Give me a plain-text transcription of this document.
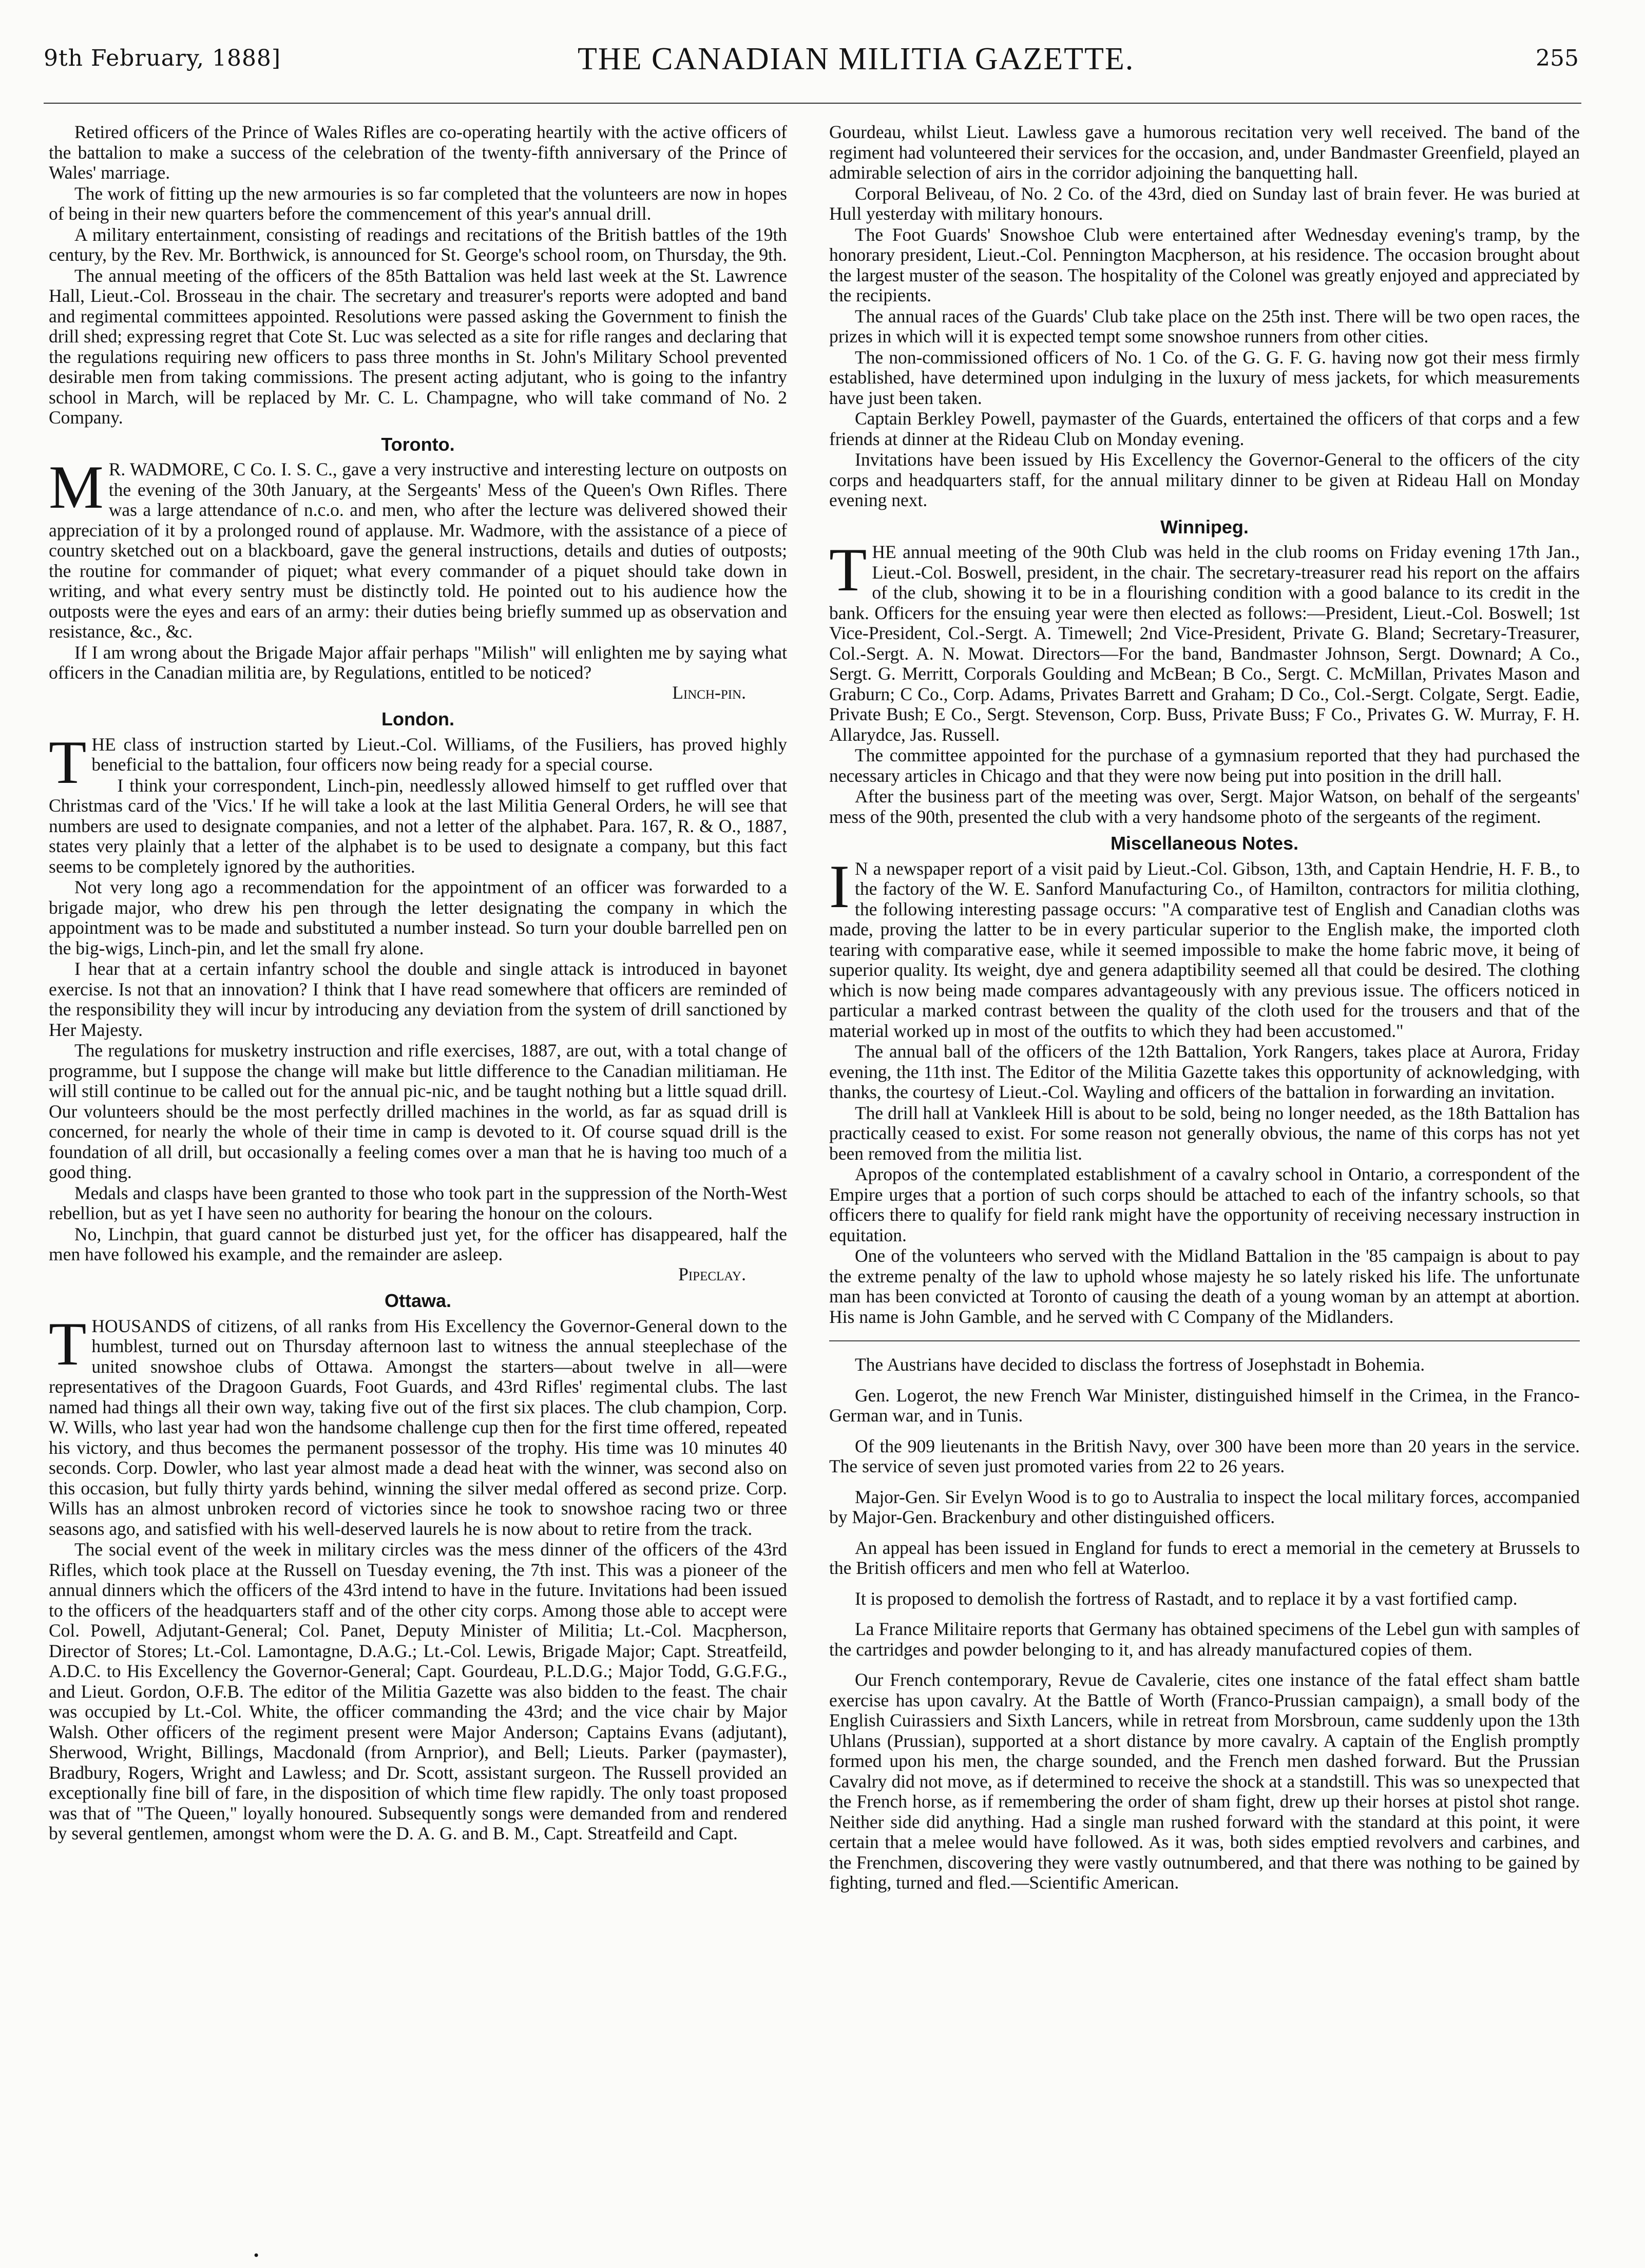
9th February, 1888]	THE CANADIAN MILITIA GAZETTE.	255

Retired officers of the Prince of Wales Rifles are co-operating heartily with the active officers of the battalion to make a success of the celebration of the twenty-fifth anniversary of the Prince of Wales' marriage.

The work of fitting up the new armouries is so far completed that the volunteers are now in hopes of being in their new quarters before the commencement of this year's annual drill.

A military entertainment, consisting of readings and recitations of the British battles of the 19th century, by the Rev. Mr. Borthwick, is announced for St. George's school room, on Thursday, the 9th.

The annual meeting of the officers of the 85th Battalion was held last week at the St. Lawrence Hall, Lieut.-Col. Brosseau in the chair. The secretary and treasurer's reports were adopted and band and regimental committees appointed. Resolutions were passed asking the Government to finish the drill shed; expressing regret that Cote St. Luc was selected as a site for rifle ranges and declaring that the regulations requiring new officers to pass three months in St. John's Military School prevented desirable men from taking commissions. The present acting adjutant, who is going to the infantry school in March, will be replaced by Mr. C. L. Champagne, who will take command of No. 2 Company.

Toronto.

M R. WADMORE, C Co. I. S. C., gave a very instructive and interesting lecture on outposts on the evening of the 30th January, at the Sergeants' Mess of the Queen's Own Rifles. There was a large attendance of n.c.o. and men, who after the lecture was delivered showed their appreciation of it by a prolonged round of applause. Mr. Wadmore, with the assistance of a piece of country sketched out on a blackboard, gave the general instructions, details and duties of outposts; the routine for commander of piquet; what every commander of a piquet should take down in writing, and what every sentry must be distinctly told. He pointed out to his audience how the outposts were the eyes and ears of an army: their duties being briefly summed up as observation and resistance, &c., &c.

If I am wrong about the Brigade Major affair perhaps "Milish" will enlighten me by saying what officers in the Canadian militia are, by Regulations, entitled to be noticed?

Linch-pin.
London.

THE class of instruction started by Lieut.-Col. Williams, of the Fusiliers, has proved highly beneficial to the battalion, four officers now being ready for a special course.

I think your correspondent, Linch-pin, needlessly allowed himself to get ruffled over that Christmas card of the 'Vics.' If he will take a look at the last Militia General Orders, he will see that numbers are used to designate companies, and not a letter of the alphabet. Para. 167, R. & O., 1887, states very plainly that a letter of the alphabet is to be used to designate a company, but this fact seems to be completely ignored by the authorities.

Not very long ago a recommendation for the appointment of an officer was forwarded to a brigade major, who drew his pen through the letter designating the company in which the appointment was to be made and substituted a number instead. So turn your double barrelled pen on the big-wigs, Linch-pin, and let the small fry alone.

I hear that at a certain infantry school the double and single attack is introduced in bayonet exercise. Is not that an innovation? I think that I have read somewhere that officers are reminded of the responsibility they will incur by introducing any deviation from the system of drill sanctioned by Her Majesty.

The regulations for musketry instruction and rifle exercises, 1887, are out, with a total change of programme, but I suppose the change will make but little difference to the Canadian militiaman. He will still continue to be called out for the annual pic-nic, and be taught nothing but a little squad drill. Our volunteers should be the most perfectly drilled machines in the world, as far as squad drill is concerned, for nearly the whole of their time in camp is devoted to it. Of course squad drill is the foundation of all drill, but occasionally a feeling comes over a man that he is having too much of a good thing.

Medals and clasps have been granted to those who took part in the suppression of the North-West rebellion, but as yet I have seen no authority for bearing the honour on the colours.

No, Linchpin, that guard cannot be disturbed just yet, for the officer has disappeared, half the men have followed his example, and the remainder are asleep.

Pipeclay.
Ottawa.

THOUSANDS of citizens, of all ranks from His Excellency the Governor-General down to the humblest, turned out on Thursday afternoon last to witness the annual steeplechase of the united snowshoe clubs of Ottawa. Amongst the starters—about twelve in all—were representatives of the Dragoon Guards, Foot Guards, and 43rd Rifles' regimental clubs. The last named had things all their own way, taking five out of the first six places. The club champion, Corp. W. Wills, who last year had won the handsome challenge cup then for the first time offered, repeated his victory, and thus becomes the permanent possessor of the trophy. His time was 10 minutes 40 seconds. Corp. Dowler, who last year almost made a dead heat with the winner, was second also on this occasion, but fully thirty yards behind, winning the silver medal offered as second prize. Corp. Wills has an almost unbroken record of victories since he took to snowshoe racing two or three seasons ago, and satisfied with his well-deserved laurels he is now about to retire from the track.

The social event of the week in military circles was the mess dinner of the officers of the 43rd Rifles, which took place at the Russell on Tuesday evening, the 7th inst. This was a pioneer of the annual dinners which the officers of the 43rd intend to have in the future. Invitations had been issued to the officers of the headquarters staff and of the other city corps. Among those able to accept were Col. Powell, Adjutant-General; Col. Panet, Deputy Minister of Militia; Lt.-Col. Macpherson, Director of Stores; Lt.-Col. Lamontagne, D.A.G.; Lt.-Col. Lewis, Brigade Major; Capt. Streatfeild, A.D.C. to His Excellency the Governor-General; Capt. Gourdeau, P.L.D.G.; Major Todd, G.G.F.G., and Lieut. Gordon, O.F.B. The editor of the Militia Gazette was also bidden to the feast. The chair was occupied by Lt.-Col. White, the officer commanding the 43rd; and the vice chair by Major Walsh. Other officers of the regiment present were Major Anderson; Captains Evans (adjutant), Sherwood, Wright, Billings, Macdonald (from Arnprior), and Bell; Lieuts. Parker (paymaster), Bradbury, Rogers, Wright and Lawless; and Dr. Scott, assistant surgeon. The Russell provided an exceptionally fine bill of fare, in the disposition of which time flew rapidly. The only toast proposed was that of "The Queen," loyally honoured. Subsequently songs were demanded from and rendered by several gentlemen, amongst whom were the D. A. G. and B. M., Capt. Streatfeild and Capt.

Gourdeau, whilst Lieut. Lawless gave a humorous recitation very well received. The band of the regiment had volunteered their services for the occasion, and, under Bandmaster Greenfield, played an admirable selection of airs in the corridor adjoining the banquetting hall.

Corporal Beliveau, of No. 2 Co. of the 43rd, died on Sunday last of brain fever. He was buried at Hull yesterday with military honours.

The Foot Guards' Snowshoe Club were entertained after Wednesday evening's tramp, by the honorary president, Lieut.-Col. Pennington Macpherson, at his residence. The occasion brought about the largest muster of the season. The hospitality of the Colonel was greatly enjoyed and appreciated by the recipients.

The annual races of the Guards' Club take place on the 25th inst. There will be two open races, the prizes in which will it is expected tempt some snowshoe runners from other cities.

The non-commissioned officers of No. 1 Co. of the G. G. F. G. having now got their mess firmly established, have determined upon indulging in the luxury of mess jackets, for which measurements have just been taken.

Captain Berkley Powell, paymaster of the Guards, entertained the officers of that corps and a few friends at dinner at the Rideau Club on Monday evening.

Invitations have been issued by His Excellency the Governor-General to the officers of the city corps and headquarters staff, for the annual military dinner to be given at Rideau Hall on Monday evening next.

Winnipeg.

THE annual meeting of the 90th Club was held in the club rooms on Friday evening 17th Jan., Lieut.-Col. Boswell, president, in the chair. The secretary-treasurer read his report on the affairs of the club, showing it to be in a flourishing condition with a good balance to its credit in the bank. Officers for the ensuing year were then elected as follows:—President, Lieut.-Col. Boswell; 1st Vice-President, Col.-Sergt. A. Timewell; 2nd Vice-President, Private G. Bland; Secretary-Treasurer, Col.-Sergt. A. N. Mowat. Directors—For the band, Bandmaster Johnson, Sergt. Downard; A Co., Sergt. G. Merritt, Corporals Goulding and McBean; B Co., Sergt. C. McMillan, Privates Mason and Graburn; C Co., Corp. Adams, Privates Barrett and Graham; D Co., Col.-Sergt. Colgate, Sergt. Eadie, Private Bush; E Co., Sergt. Stevenson, Corp. Buss, Private Buss; F Co., Privates G. W. Murray, F. H. Allarydce, Jas. Russell.

The committee appointed for the purchase of a gymnasium reported that they had purchased the necessary articles in Chicago and that they were now being put into position in the drill hall.

After the business part of the meeting was over, Sergt. Major Watson, on behalf of the sergeants' mess of the 90th, presented the club with a very handsome photo of the sergeants of the regiment.

Miscellaneous Notes.

I N a newspaper report of a visit paid by Lieut.-Col. Gibson, 13th, and Captain Hendrie, H. F. B., to the factory of the W. E. Sanford Manufacturing Co., of Hamilton, contractors for militia clothing, the following interesting passage occurs: "A comparative test of English and Canadian cloths was made, proving the latter to be in every particular superior to the English make, the imported cloth tearing with comparative ease, while it seemed impossible to make the home fabric move, it being of superior quality. Its weight, dye and genera adaptibility seemed all that could be desired. The clothing which is now being made compares advantageously with any previous issue. The officers noticed in particular a marked contrast between the quality of the cloth used for the trousers and that of the material worked up in most of the outfits to which they had been accustomed."

The annual ball of the officers of the 12th Battalion, York Rangers, takes place at Aurora, Friday evening, the 11th inst. The Editor of the Militia Gazette takes this opportunity of acknowledging, with thanks, the courtesy of Lieut.-Col. Wayling and officers of the battalion in forwarding an invitation.

The drill hall at Vankleek Hill is about to be sold, being no longer needed, as the 18th Battalion has practically ceased to exist. For some reason not generally obvious, the name of this corps has not yet been removed from the militia list.

Apropos of the contemplated establishment of a cavalry school in Ontario, a correspondent of the Empire urges that a portion of such corps should be attached to each of the infantry schools, so that officers there to qualify for field rank might have the opportunity of receiving necessary instruction in equitation.

One of the volunteers who served with the Midland Battalion in the '85 campaign is about to pay the extreme penalty of the law to uphold whose majesty he so lately risked his life. The unfortunate man has been convicted at Toronto of causing the death of a young woman by an attempt at abortion. His name is John Gamble, and he served with C Company of the Midlanders.

The Austrians have decided to disclass the fortress of Josephstadt in Bohemia.

Gen. Logerot, the new French War Minister, distinguished himself in the Crimea, in the Franco-German war, and in Tunis.

Of the 909 lieutenants in the British Navy, over 300 have been more than 20 years in the service. The service of seven just promoted varies from 22 to 26 years.

Major-Gen. Sir Evelyn Wood is to go to Australia to inspect the local military forces, accompanied by Major-Gen. Brackenbury and other distinguished officers.

An appeal has been issued in England for funds to erect a memorial in the cemetery at Brussels to the British officers and men who fell at Waterloo.

It is proposed to demolish the fortress of Rastadt, and to replace it by a vast fortified camp.

La France Militaire reports that Germany has obtained specimens of the Lebel gun with samples of the cartridges and powder belonging to it, and has already manufactured copies of them.

Our French contemporary, Revue de Cavalerie, cites one instance of the fatal effect sham battle exercise has upon cavalry. At the Battle of Worth (Franco-Prussian campaign), a small body of the English Cuirassiers and Sixth Lancers, while in retreat from Morsbroun, came suddenly upon the 13th Uhlans (Prussian), supported at a short distance by more cavalry. A captain of the English promptly formed upon his men, the charge sounded, and the French men dashed forward. But the Prussian Cavalry did not move, as if determined to receive the shock at a standstill. This was so unexpected that the French horse, as if remembering the order of sham fight, drew up their horses at pistol shot range. Neither side did anything. Had a single man rushed forward with the standard at this point, it were certain that a melee would have followed. As it was, both sides emptied revolvers and carbines, and the Frenchmen, discovering they were vastly outnumbered, and that there was nothing to be gained by fighting, turned and fled.—Scientific American.

•
